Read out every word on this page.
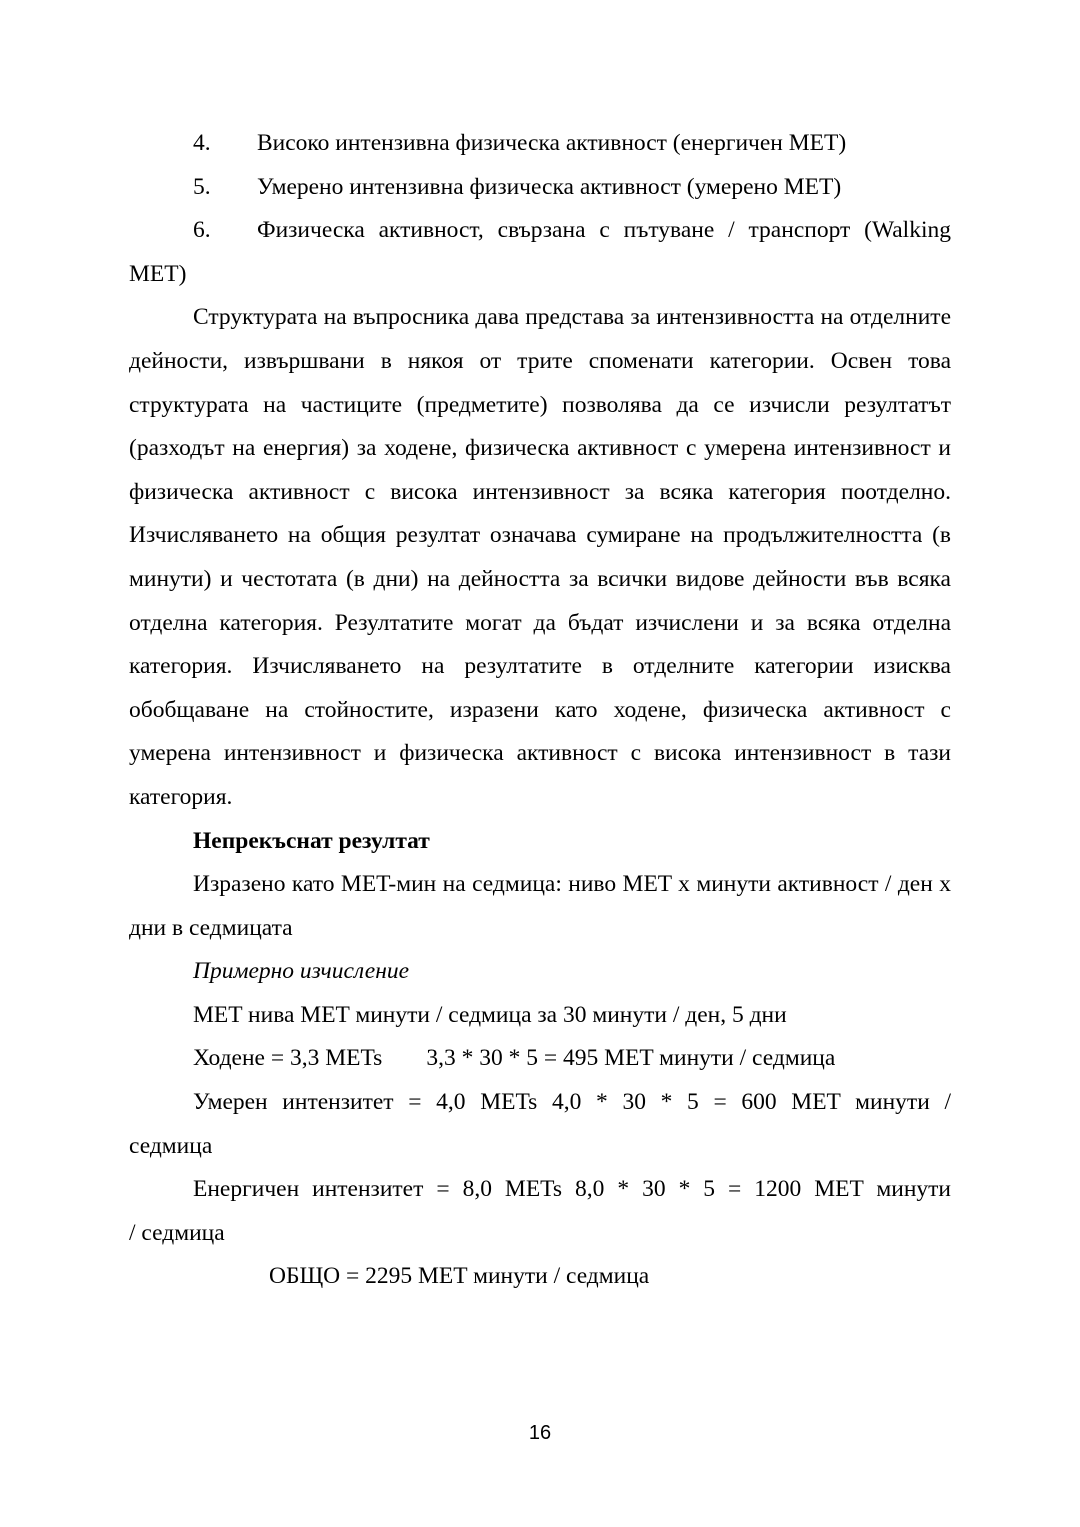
4. Високо интензивна физическа активност (енергичен МЕТ)
5. Умерено интензивна физическа активност (умерено МЕТ)
6. Физическа активност, свързана с пътуване / транспорт (Walking
MET)
Структурата на въпросника дава представа за интензивността на отделните дейности, извършвани в някоя от трите споменати категории. Освен това структурата на частиците (предметите) позволява да се изчисли резултатът (разходът на енергия) за ходене, физическа активност с умерена интензивност и физическа активност с висока интензивност за всяка категория поотделно. Изчисляването на общия резултат означава сумиране на продължителността (в минути) и честотата (в дни) на дейността за всички видове дейности във всяка отделна категория. Резултатите могат да бъдат изчислени и за всяка отделна категория. Изчисляването на резултатите в отделните категории изисква обобщаване на стойностите, изразени като ходене, физическа активност с умерена интензивност и физическа активност с висока интензивност в тази категория.
Непрекъснат резултат
Изразено като MET-мин на седмица: ниво MET x минути активност / ден x дни в седмицата
Примерно изчисление
MET нива MET минути / седмица за 30 минути / ден, 5 дни
Ходене = 3,3 METs 3,3 * 30 * 5 = 495 MET минути / седмица
Умерен интензитет = 4,0 METs 4,0 * 30 * 5 = 600 MET минути /
седмица
Енергичен интензитет = 8,0 METs 8,0 * 30 * 5 = 1200 MET минути
/ седмица
ОБЩО = 2295 MET минути / седмица
16
